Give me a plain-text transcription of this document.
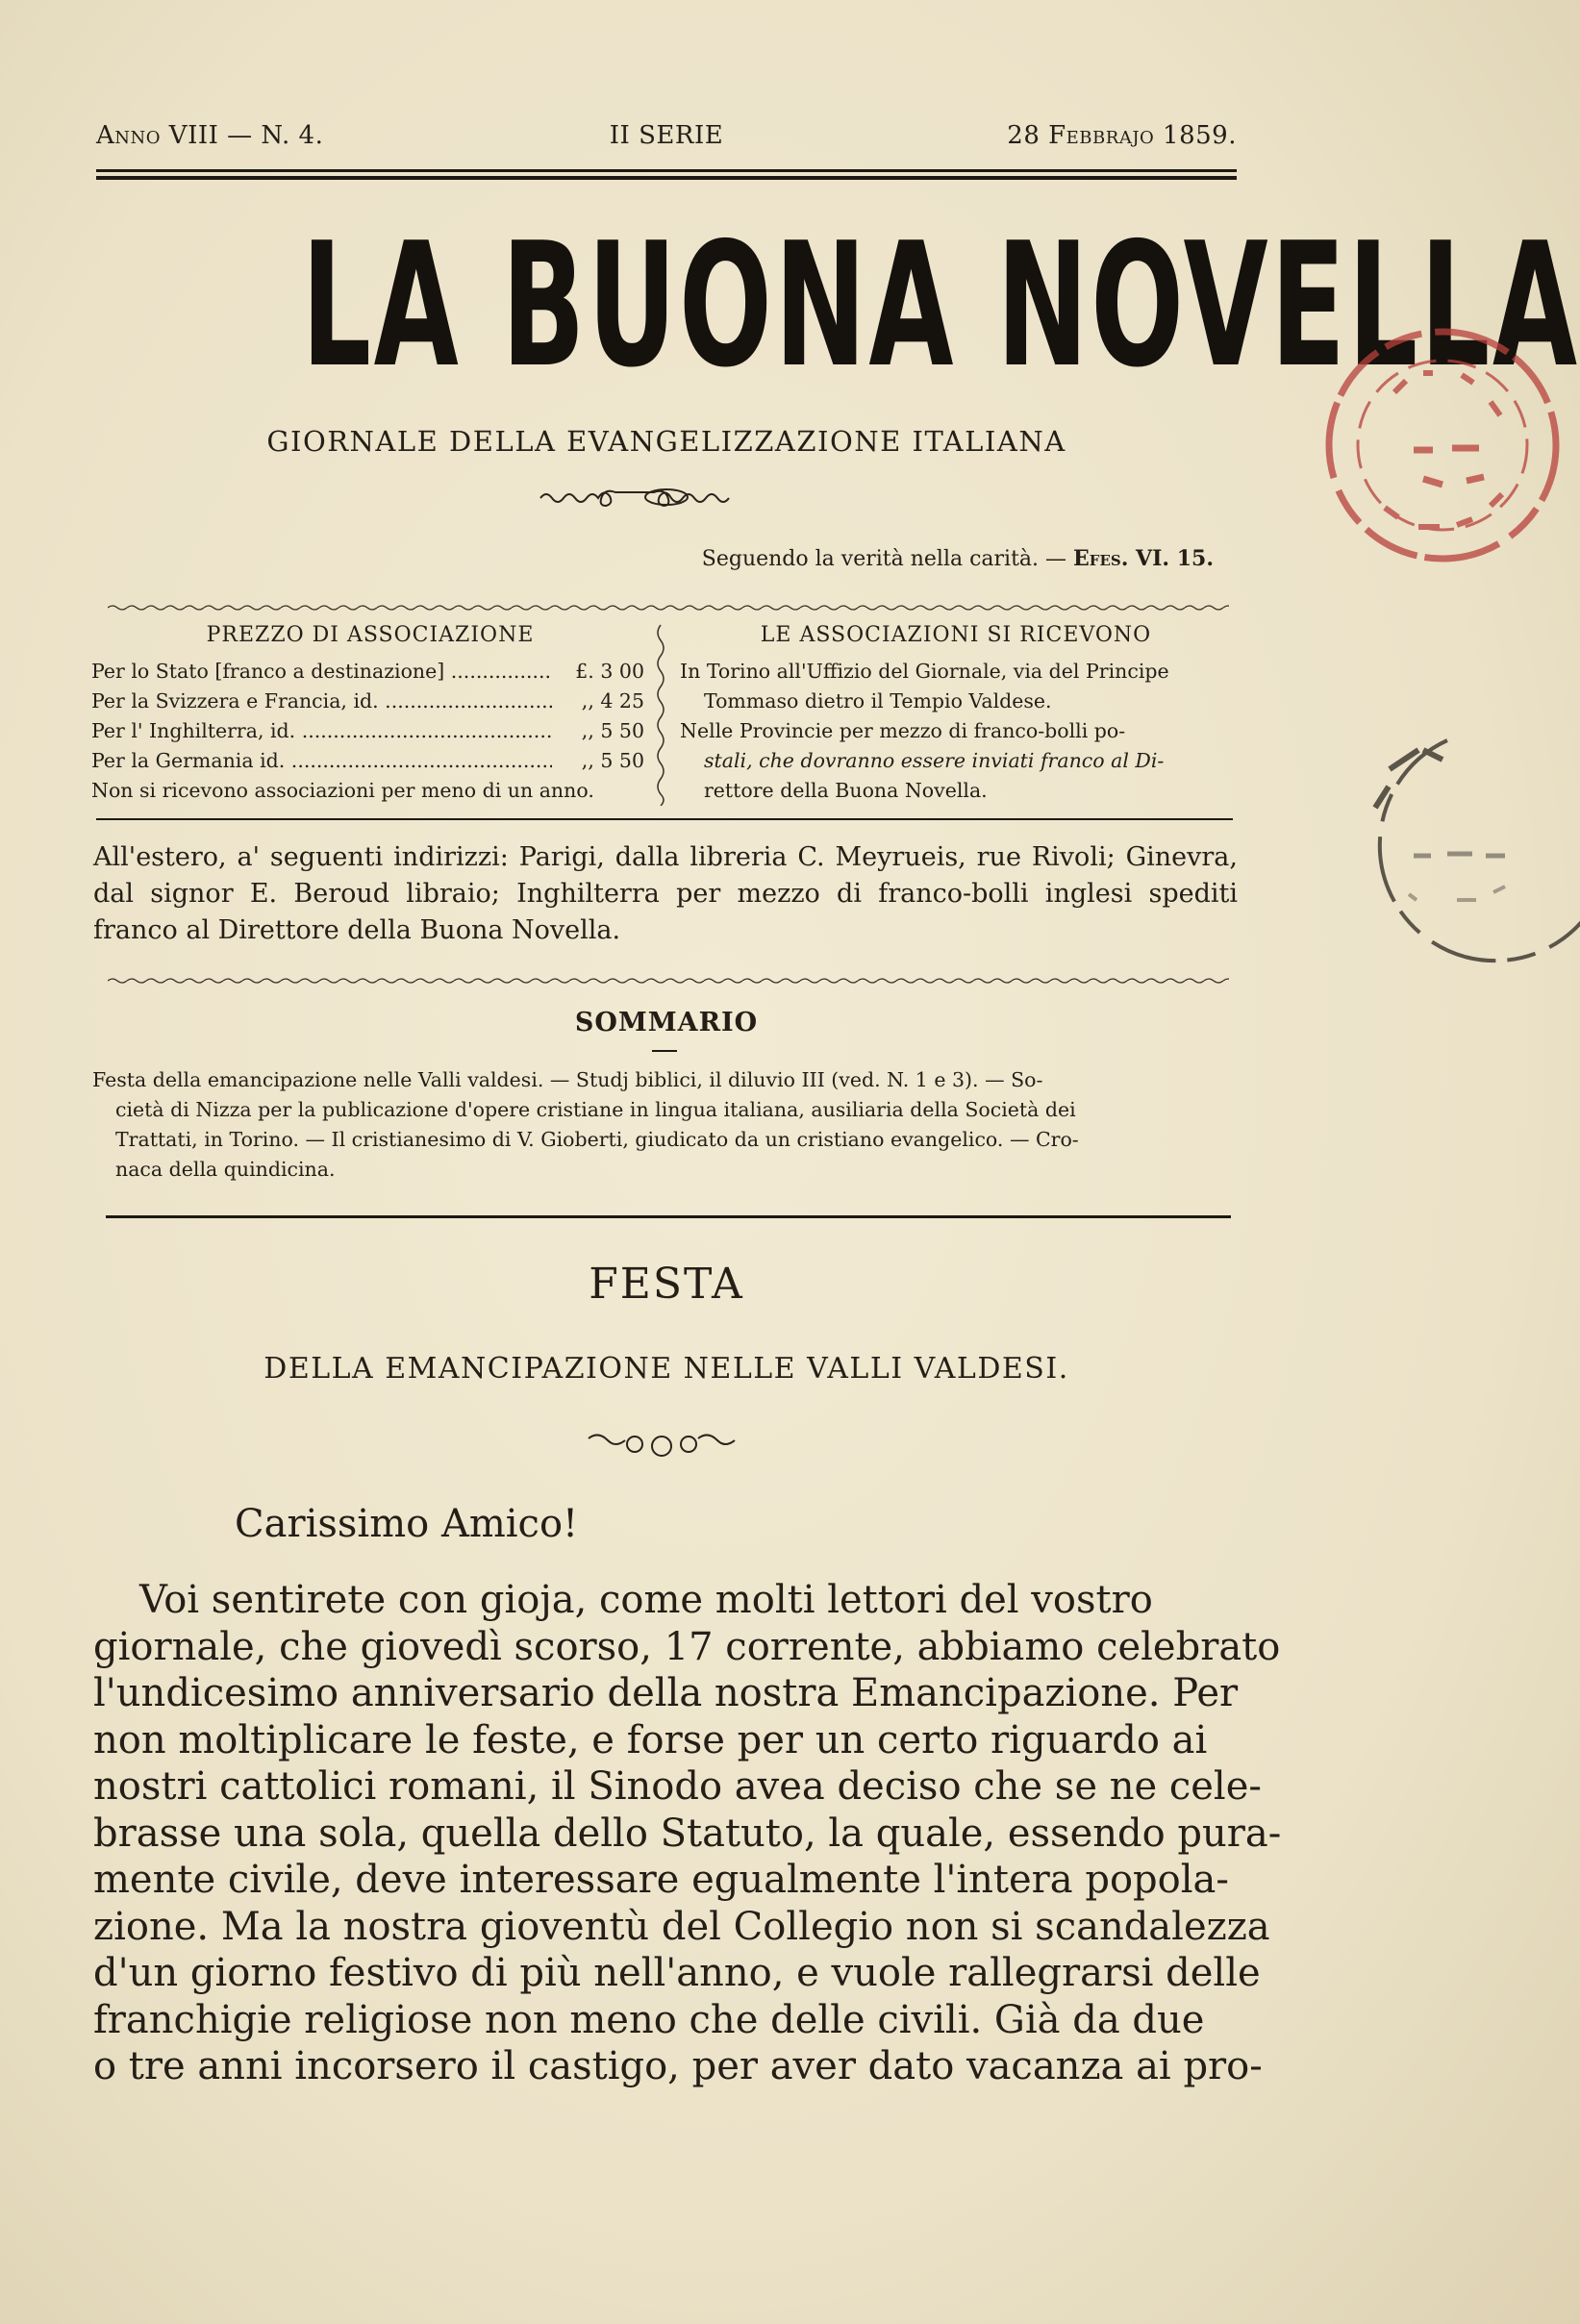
Anno VIII — N. 4.	II SERIE	28 Febbrajo 1859.
LA BUONA NOVELLA
GIORNALE DELLA EVANGELIZZAZIONE ITALIANA
Seguendo la verità nella carità. — Efes. VI. 15.
PREZZO DI ASSOCIAZIONE
Per lo Stato [franco a destinazione] .....	£. 3 00
Per la Svizzera e Francia, id. .....	,, 4 25
Per l' Inghilterra, id. .....	,, 5 50
Per la Germania id. .....	,, 5 50
Non si ricevono associazioni per meno di un anno.
LE ASSOCIAZIONI SI RICEVONO
In Torino all'Uffizio del Giornale, via del Principe
Tommaso dietro il Tempio Valdese.
Nelle Provincie per mezzo di franco-bolli po-
stali, che dovranno essere inviati franco al Di-
rettore della Buona Novella.
All'estero, a' seguenti indirizzi: Parigi, dalla libreria C. Meyrueis, rue Rivoli; Ginevra, dal signor E. Beroud libraio; Inghilterra per mezzo di franco-bolli inglesi spediti franco al Direttore della Buona Novella.
SOMMARIO
Festa della emancipazione nelle Valli valdesi. — Studj biblici, il diluvio III (ved. N. 1 e 3). — So-
cietà di Nizza per la publicazione d'opere cristiane in lingua italiana, ausiliaria della Società dei
Trattati, in Torino. — Il cristianesimo di V. Gioberti, giudicato da un cristiano evangelico. — Cro-
naca della quindicina.
FESTA
DELLA EMANCIPAZIONE NELLE VALLI VALDESI.
Carissimo Amico!
Voi sentirete con gioja, come molti lettori del vostro
giornale, che giovedì scorso, 17 corrente, abbiamo celebrato
l'undicesimo anniversario della nostra Emancipazione. Per
non moltiplicare le feste, e forse per un certo riguardo ai
nostri cattolici romani, il Sinodo avea deciso che se ne cele-
brasse una sola, quella dello Statuto, la quale, essendo pura-
mente civile, deve interessare egualmente l'intera popola-
zione. Ma la nostra gioventù del Collegio non si scandalezza
d'un giorno festivo di più nell'anno, e vuole rallegrarsi delle
franchigie religiose non meno che delle civili. Già da due
o tre anni incorsero il castigo, per aver dato vacanza ai pro-
